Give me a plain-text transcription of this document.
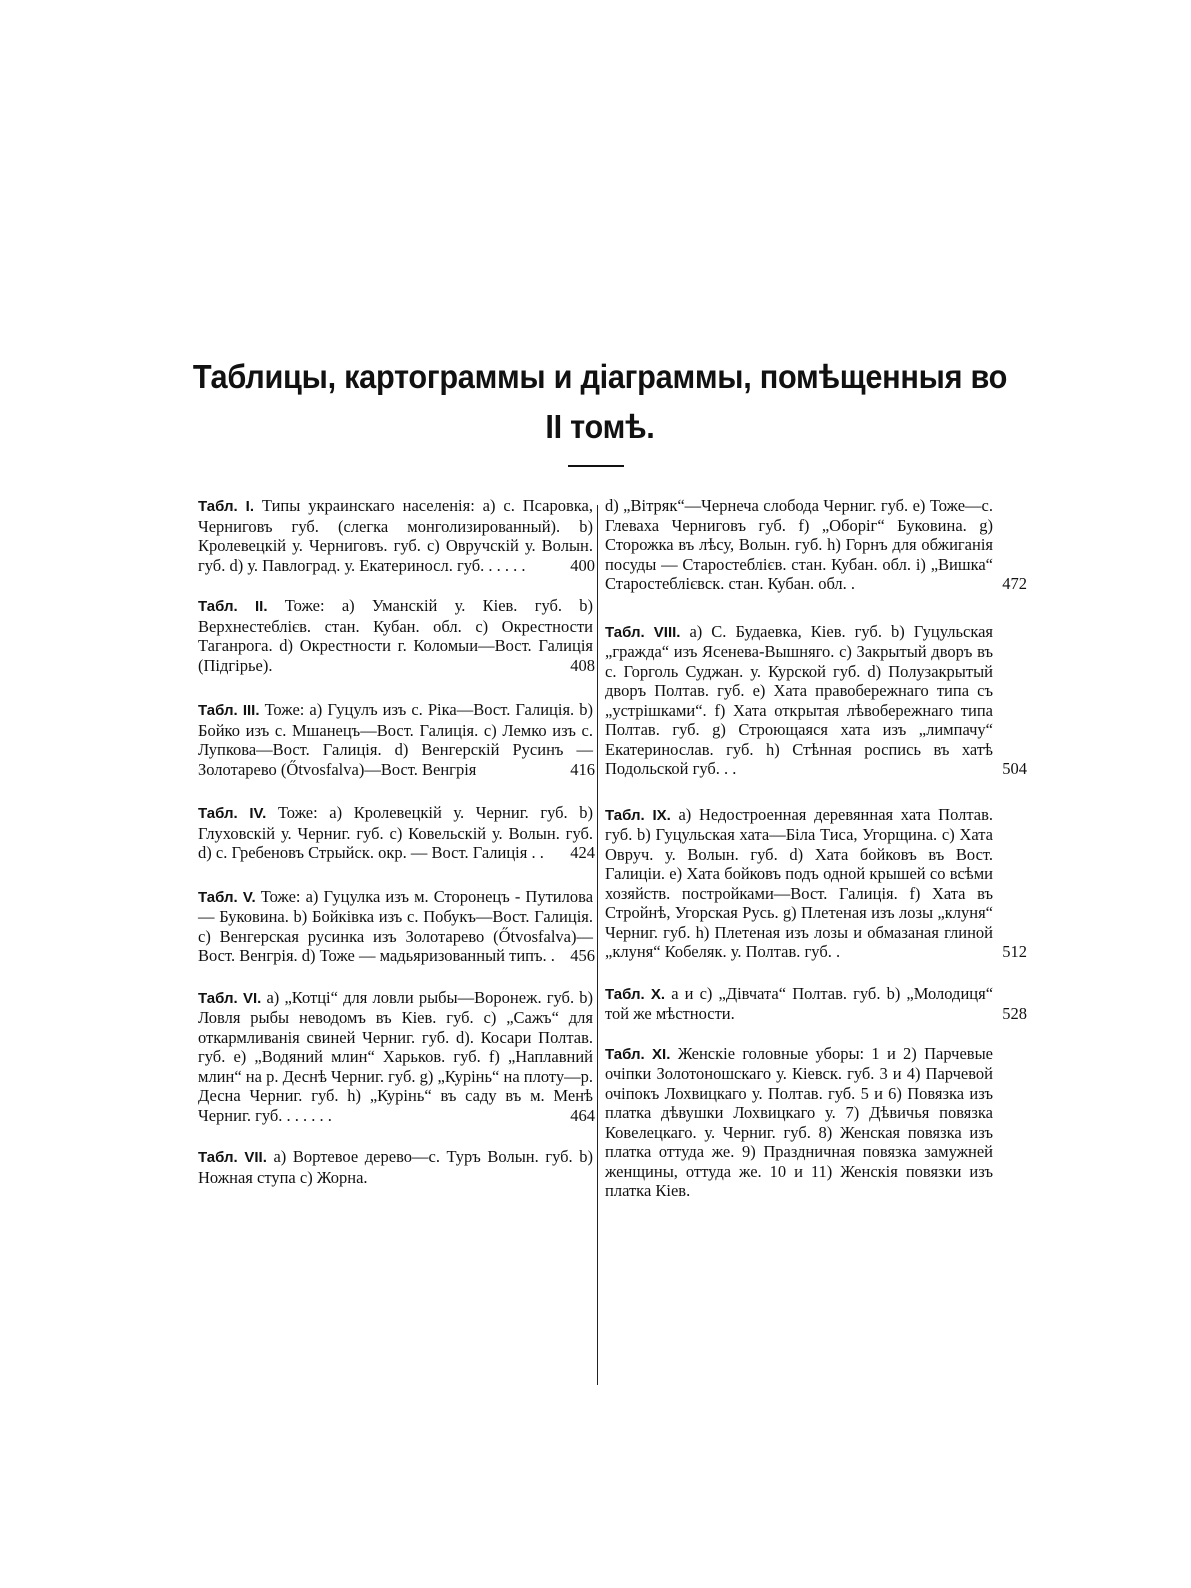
Таблицы, картограммы и діаграммы, помѣщенныя во
II томѣ.
Табл. I. Типы украинскаго населенія: a) с. Псаровка, Черниговъ губ. (слегка монголизированный). b) Кролевецкій у. Черниговъ. губ. c) Овручскій у. Волын. губ. d) у. Павлоград. у. Екатериносл. губ. . . . . .	400
Табл. II. Тоже: a) Уманскій у. Кіев. губ. b) Верхнестеблієв. стан. Кубан. обл. c) Окрестности Таганрога. d) Окрестности г. Коломыи—Вост. Галиція (Підгірье).	408
Табл. III. Тоже: a) Гуцулъ изъ с. Ріка—Вост. Галиція. b) Бойко изъ с. Мшанецъ—Вост. Галиція. c) Лемко изъ с. Лупкова—Вост. Галиція. d) Венгерскій Русинъ — Золотарево (Őtvosfalva)—Вост. Венгрія	416
Табл. IV. Тоже: a) Кролевецкій у. Черниг. губ. b) Глуховскій у. Черниг. губ. c) Ковельскій у. Волын. губ. d) с. Гребеновъ Стрыйск. окр. — Вост. Галиція . .	424
Табл. V. Тоже: a) Гуцулка изъ м. Сторонецъ - Путилова — Буковина. b) Бойківка изъ с. Побукъ—Вост. Галиція. c) Венгерская русинка изъ Золотарево (Őtvosfalva)—Вост. Венгрія. d) Тоже — мадьяризованный типъ. . 456
Табл. VI. a) „Котці“ для ловли рыбы—Воронеж. губ. b) Ловля рыбы неводомъ въ Кіев. губ. c) „Сажъ“ для откармливанія свиней Черниг. губ. d). Косари Полтав. губ. e) „Водяний млин“ Харьков. губ. f) „Наплавний млин“ на р. Деснѣ Черниг. губ. g) „Курінь“ на плоту—р. Десна Черниг. губ. h) „Курінь“ въ саду въ м. Менѣ Черниг. губ. . . . . . .	464
Табл. VII. a) Вортевое дерево—с. Туръ Волын. губ. b) Ножная ступа c) Жорна.
d) „Вітряк“—Чернеча слобода Черниг. губ. e) Тоже—с. Глеваха Черниговъ губ. f) „Оборіг“ Буковина. g) Сторожка въ лѣсу, Волын. губ. h) Горнъ для обжиганія посуды — Старостеблієв. стан. Кубан. обл. i) „Вишка“ Старостеблієвск. стан. Кубан. обл. .	472
Табл. VIII. a) С. Будаевка, Кіев. губ. b) Гуцульская „гражда“ изъ Ясенева-Вышняго. c) Закрытый дворъ въ с. Горголь Суджан. у. Курской губ. d) Полузакрытый дворъ Полтав. губ. e) Хата правобережнаго типа съ „устрішками“. f) Хата открытая лѣвобережнаго типа Полтав. губ. g) Строющаяся хата изъ „лимпачу“ Екатеринослав. губ. h) Стѣнная роспись въ хатѣ Подольской губ. . .	504
Табл. IX. a) Недостроенная деревянная хата Полтав. губ. b) Гуцульская хата—Біла Тиса, Угорщина. c) Хата Овруч. у. Волын. губ. d) Хата бойковъ въ Вост. Галиціи. e) Хата бойковъ подъ одной крышей со всѣми хозяйств. постройками—Вост. Галиція. f) Хата въ Стройнѣ, Угорская Русь. g) Плетеная изъ лозы „клуня“ Черниг. губ. h) Плетеная изъ лозы и обмазаная глиной „клуня“ Кобеляк. у. Полтав. губ. .	512
Табл. X. a и c) „Дівчата“ Полтав. губ. b) „Молодиця“ той же мѣстности.	528
Табл. XI. Женскіе головные уборы: 1 и 2) Парчевые очіпки Золотоношскаго у. Кіевск. губ. 3 и 4) Парчевой очіпокъ Лохвицкаго у. Полтав. губ. 5 и 6) Повязка изъ платка дѣвушки Лохвицкаго у. 7) Дѣвичья повязка Ковелецкаго. у. Черниг. губ. 8) Женская повязка изъ платка оттуда же. 9) Праздничная повязка замужней женщины, оттуда же. 10 и 11) Женскія повязки изъ платка Кіев.
